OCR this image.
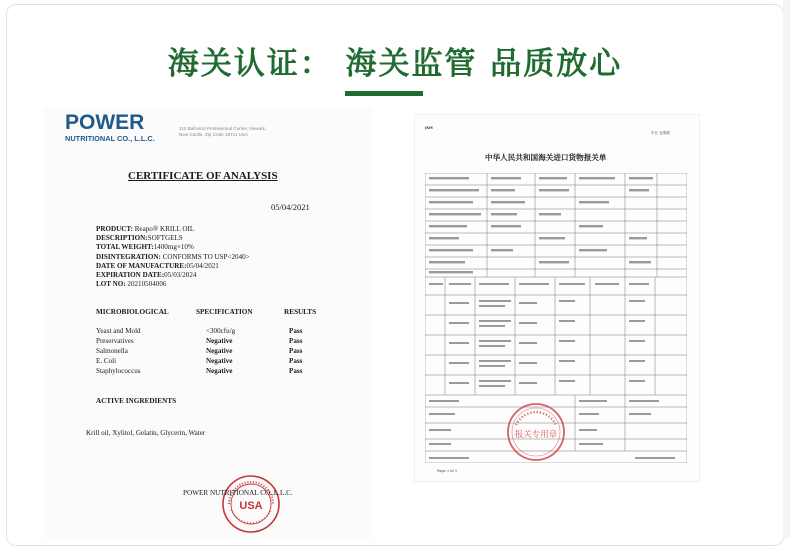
海关认证： 海关监管 品质放心
POWER
NUTRITIONAL CO., L.L.C.
110 Baltusrol Professional Center, Newark,
New Castle, Zip Code 19711 USA
CERTIFICATE OF ANALYSIS
05/04/2021
PRODUCT: Reapo® KRILL OIL
DESCRIPTION:SOFTGELS
TOTAL WEIGHT:1400mg×10%
DISINTEGRATION: CONFORMS TO USP<2040>
DATE OF MANUFACTURE:05/04/2021
EXPIRATION DATE:05/03/2024
LOT NO: 20210504006
MICROBIOLOGICAL	SPECIFICATION	RESULTS
Yeast and Mold	<300cfu/g	Pass
Preservatives	Negative	Pass
Salmonella	Negative	Pass
E. Coli	Negative	Pass
Staphylococcus	Negative	Pass
ACTIVE INGREDIENTS
Krill oil, Xylitol, Gelatin, Glycerin, Water
USA
POWER NUTRITIONAL CO.,L.L.C.
JKM
中汇·证明联
中华人民共和国海关进口货物报关单
报关专用章
Page 1 of 1
